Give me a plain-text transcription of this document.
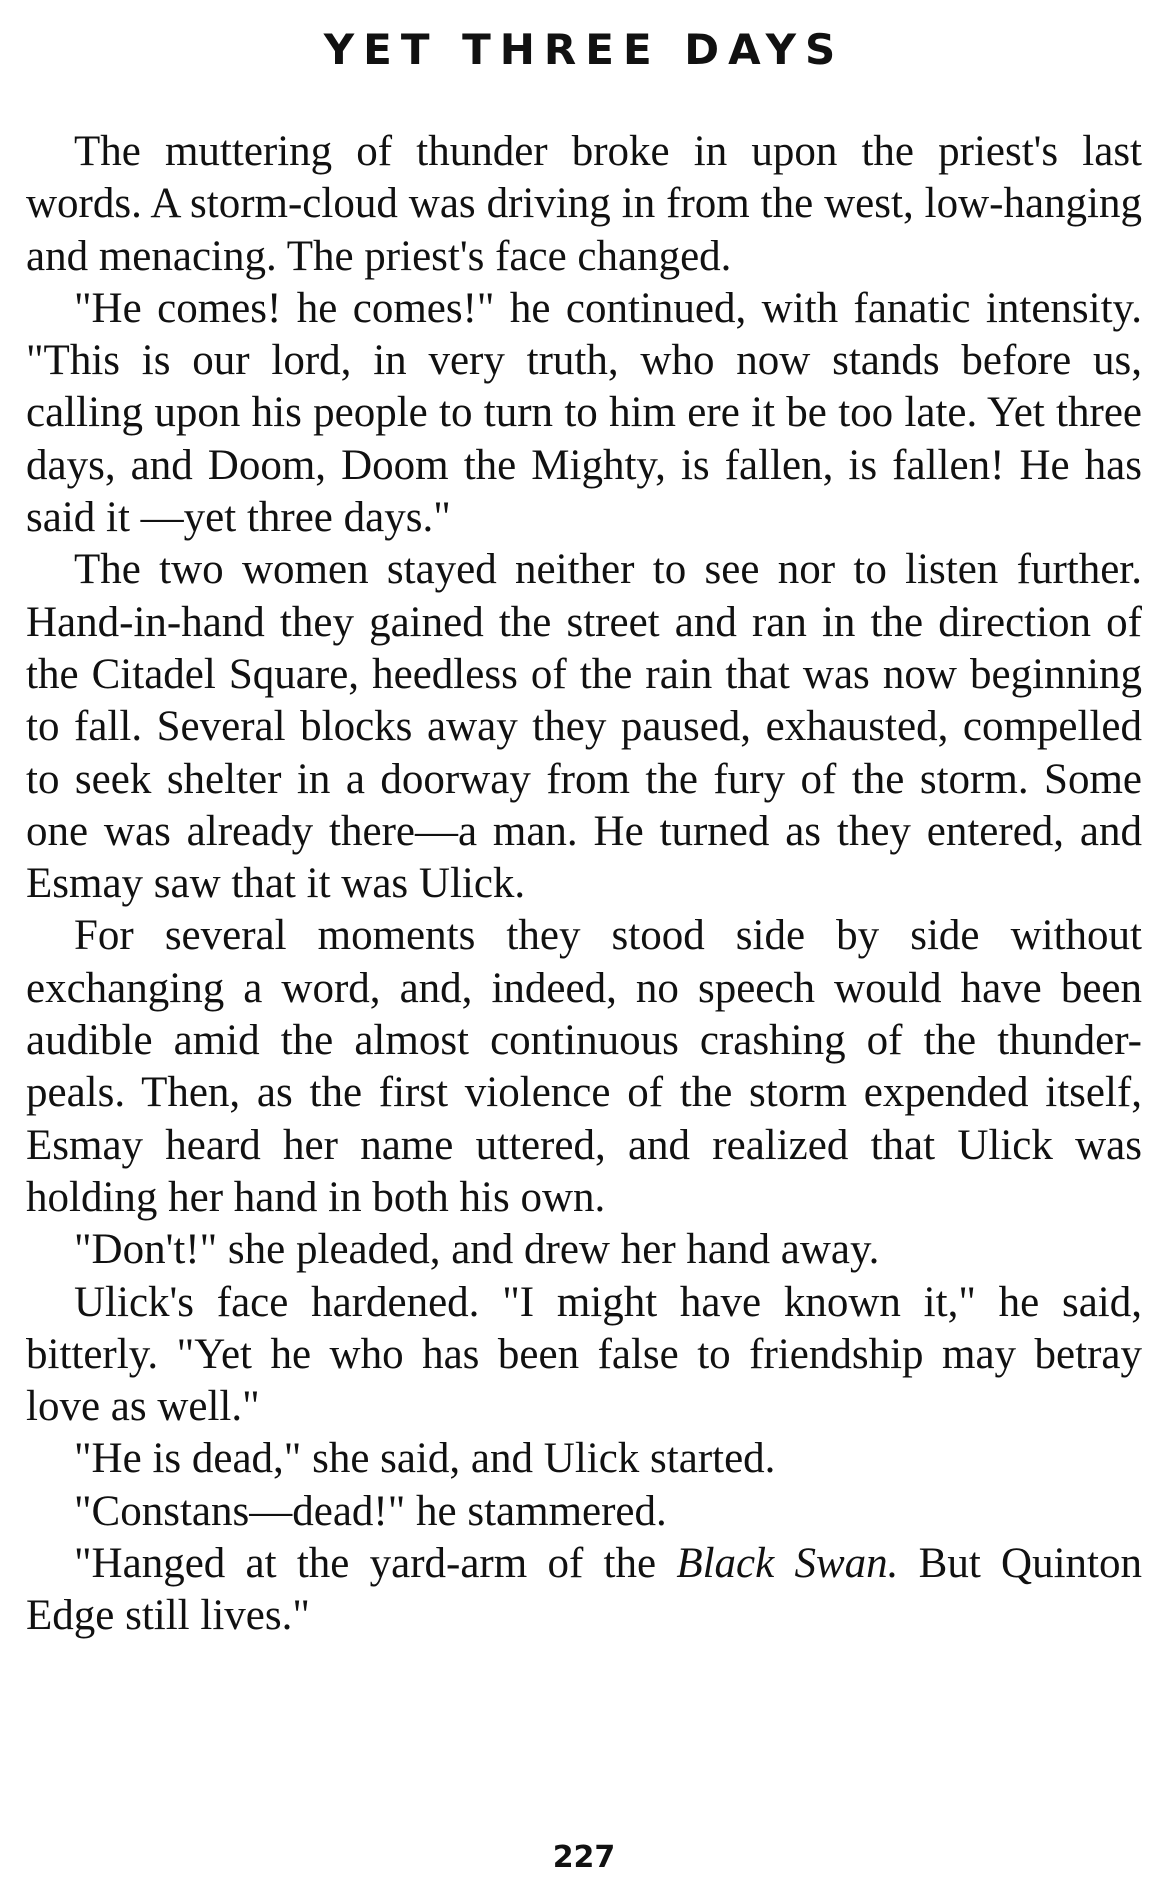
YET THREE DAYS

The muttering of thunder broke in upon the priest's last words. A storm-cloud was driving in from the west, low-hanging and menacing. The priest's face changed.

"He comes! he comes!" he continued, with fanatic intensity. "This is our lord, in very truth, who now stands before us, calling upon his people to turn to him ere it be too late. Yet three days, and Doom, Doom the Mighty, is fallen, is fallen! He has said it —yet three days."

The two women stayed neither to see nor to listen further. Hand-in-hand they gained the street and ran in the direction of the Citadel Square, heedless of the rain that was now beginning to fall. Several blocks away they paused, exhausted, compelled to seek shelter in a doorway from the fury of the storm. Some one was already there—a man. He turned as they entered, and Esmay saw that it was Ulick.

For several moments they stood side by side without exchanging a word, and, indeed, no speech would have been audible amid the almost continuous crashing of the thunder-peals. Then, as the first violence of the storm expended itself, Esmay heard her name uttered, and realized that Ulick was holding her hand in both his own.

"Don't!" she pleaded, and drew her hand away.

Ulick's face hardened. "I might have known it," he said, bitterly. "Yet he who has been false to friendship may betray love as well."

"He is dead," she said, and Ulick started.

"Constans—dead!" he stammered.

"Hanged at the yard-arm of the Black Swan. But Quinton Edge still lives."

227
